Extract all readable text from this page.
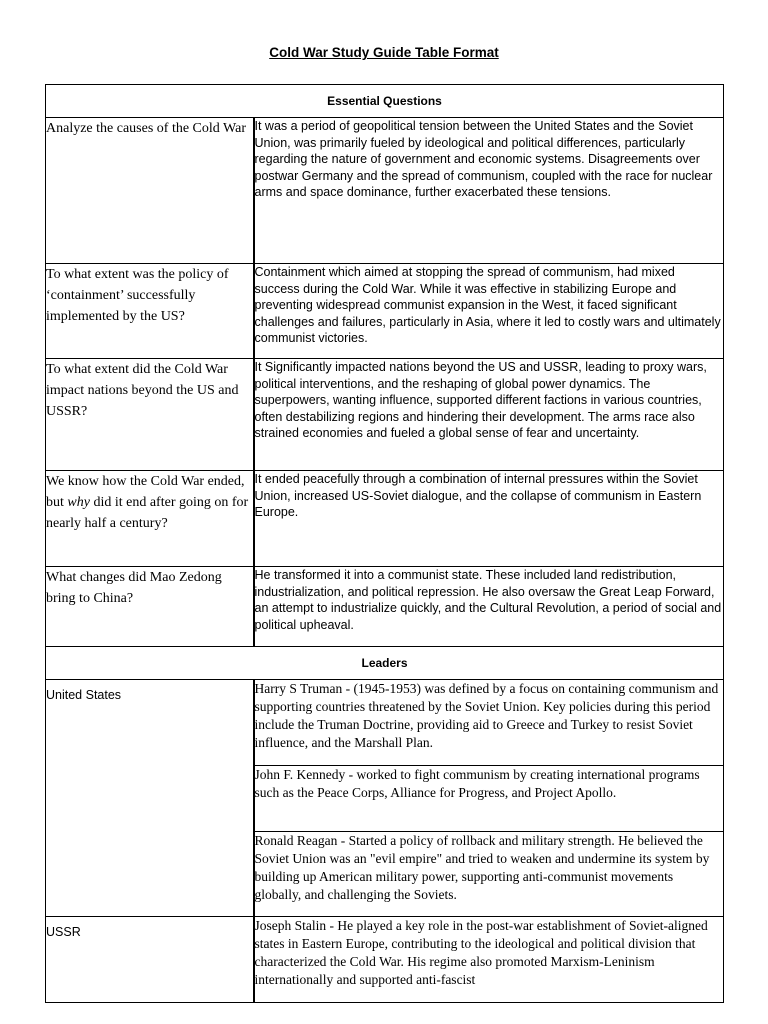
Cold War Study Guide Table Format
Essential Questions	
Analyze the causes of the Cold War	It was a period of geopolitical tension between the United States and the Soviet Union, was primarily fueled by ideological and political differences, particularly regarding the nature of government and economic systems. Disagreements over postwar Germany and the spread of communism, coupled with the race for nuclear arms and space dominance, further exacerbated these tensions.
To what extent was the policy of ‘containment’ successfully implemented by the US?	Containment which aimed at stopping the spread of communism, had mixed success during the Cold War. While it was effective in stabilizing Europe and preventing widespread communist expansion in the West, it faced significant challenges and failures, particularly in Asia, where it led to costly wars and ultimately communist victories.
To what extent did the Cold War impact nations beyond the US and USSR?	It Significantly impacted nations beyond the US and USSR, leading to proxy wars, political interventions, and the reshaping of global power dynamics. The superpowers, wanting influence, supported different factions in various countries, often destabilizing regions and hindering their development. The arms race also strained economies and fueled a global sense of fear and uncertainty.
We know how the Cold War ended, but why did it end after going on for nearly half a century?	It ended peacefully through a combination of internal pressures within the Soviet Union, increased US-Soviet dialogue, and the collapse of communism in Eastern Europe.
What changes did Mao Zedong bring to China?	He transformed it into a communist state. These included land redistribution, industrialization, and political repression. He also oversaw the Great Leap Forward, an attempt to industrialize quickly, and the Cultural Revolution, a period of social and political upheaval.
Leaders	
United States	Harry S Truman - (1945-1953) was defined by a focus on containing communism and supporting countries threatened by the Soviet Union. Key policies during this period include the Truman Doctrine, providing aid to Greece and Turkey to resist Soviet influence, and the Marshall Plan.
	John F. Kennedy - worked to fight communism by creating international programs such as the Peace Corps, Alliance for Progress, and Project Apollo.
	Ronald Reagan - Started a policy of rollback and military strength. He believed the Soviet Union was an "evil empire" and tried to weaken and undermine its system by building up American military power, supporting anti-communist movements globally, and challenging the Soviets.
USSR	Joseph Stalin - He played a key role in the post-war establishment of Soviet-aligned states in Eastern Europe, contributing to the ideological and political division that characterized the Cold War. His regime also promoted Marxism-Leninism internationally and supported anti-fascist
